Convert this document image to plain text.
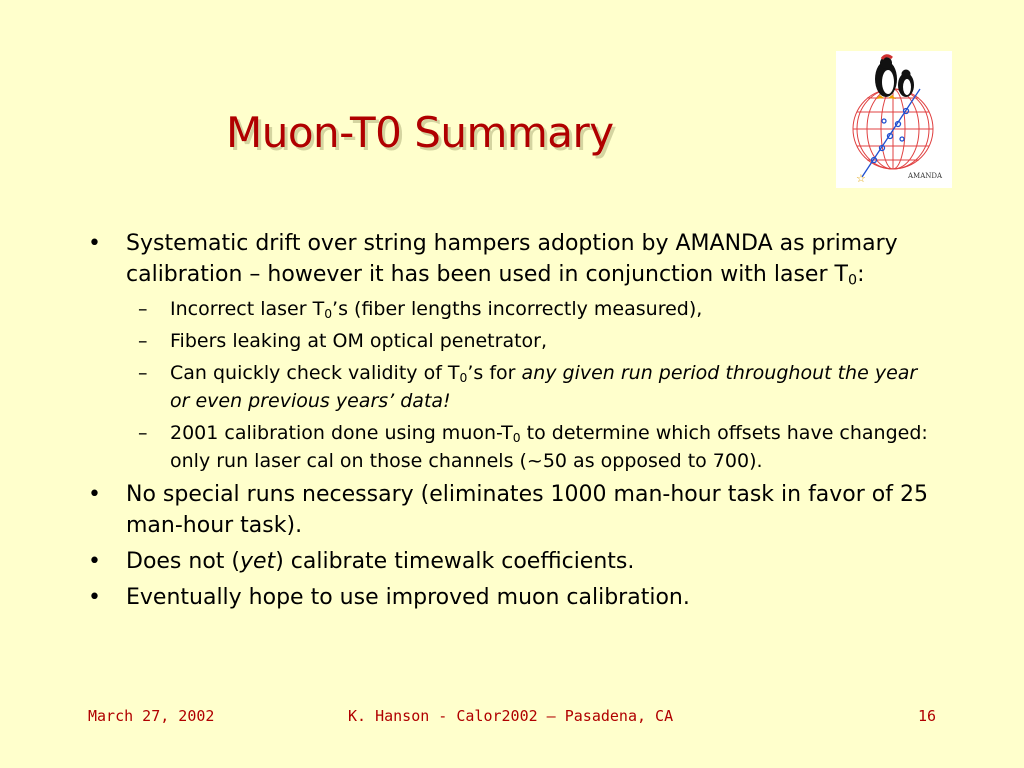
Muon-T0 Summary
☆	AMANDA
• Systematic drift over string hampers adoption by AMANDA as primary calibration – however it has been used in conjunction with laser $T_0$:
– Incorrect laser $T_0’s$ (fiber lengths incorrectly measured),
– Fibers leaking at OM optical penetrator,
– Can quickly check validity of $T_0’s$ for any given run period throughout the year or even previous years’ data!
– 2001 calibration done using muon-$T_0$ to determine which offsets have changed: only run laser cal on those channels (~50 as opposed to 700).
• No special runs necessary (eliminates 1000 man-hour task in favor of 25 man-hour task).
• Does not (yet) calibrate timewalk coefficients.
• Eventually hope to use improved muon calibration.
March 27, 2002	K. Hanson - Calor2002 – Pasadena, CA	16
